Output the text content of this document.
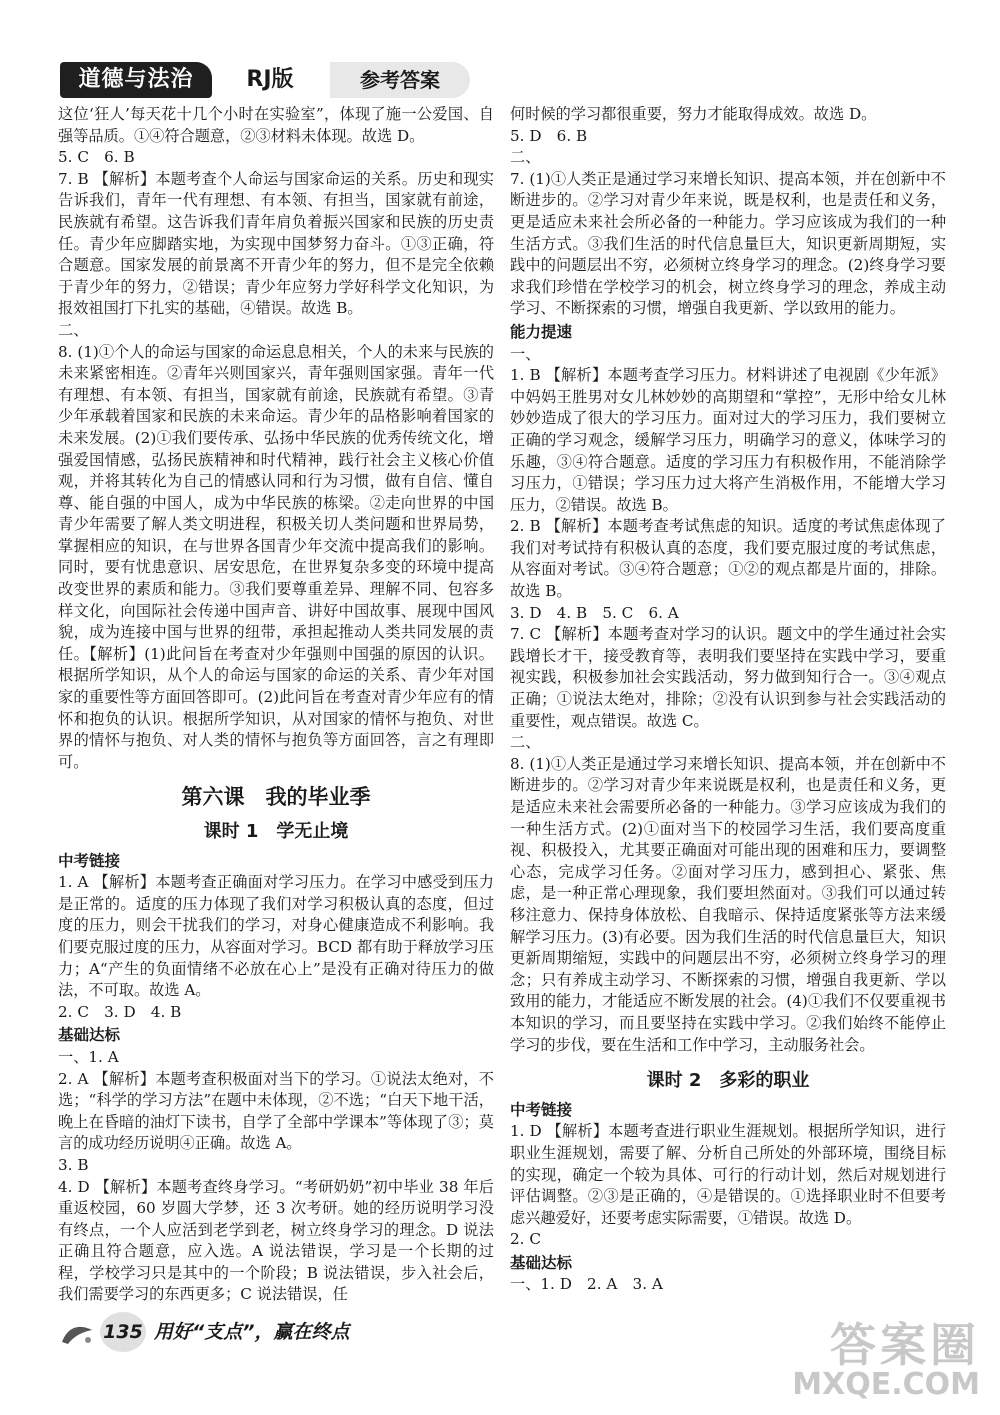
道德与法治	RJ版	参考答案

这位‘狂人’每天花十几个小时在实验室”，体现了施一公爱国、自强等品质。①④符合题意，②③材料未体现。故选 D。

5. C　6. B

7. B 【解析】本题考查个人命运与国家命运的关系。历史和现实告诉我们，青年一代有理想、有本领、有担当，国家就有前途，民族就有希望。这告诉我们青年肩负着振兴国家和民族的历史责任。青少年应脚踏实地，为实现中国梦努力奋斗。①③正确，符合题意。国家发展的前景离不开青少年的努力，但不是完全依赖于青少年的努力，②错误；青少年应努力学好科学文化知识，为报效祖国打下扎实的基础，④错误。故选 B。

二、

8. (1)①个人的命运与国家的命运息息相关，个人的未来与民族的未来紧密相连。②青年兴则国家兴，青年强则国家强。青年一代有理想、有本领、有担当，国家就有前途，民族就有希望。③青少年承载着国家和民族的未来命运。青少年的品格影响着国家的未来发展。(2)①我们要传承、弘扬中华民族的优秀传统文化，增强爱国情感，弘扬民族精神和时代精神，践行社会主义核心价值观，并将其转化为自己的情感认同和行为习惯，做有自信、懂自尊、能自强的中国人，成为中华民族的栋梁。②走向世界的中国青少年需要了解人类文明进程，积极关切人类问题和世界局势，掌握相应的知识，在与世界各国青少年交流中提高我们的影响。同时，要有忧患意识、居安思危，在世界复杂多变的环境中提高改变世界的素质和能力。③我们要尊重差异、理解不同、包容多样文化，向国际社会传递中国声音、讲好中国故事、展现中国风貌，成为连接中国与世界的纽带，承担起推动人类共同发展的责任。【解析】(1)此问旨在考查对少年强则中国强的原因的认识。根据所学知识，从个人的命运与国家的命运的关系、青少年对国家的重要性等方面回答即可。(2)此问旨在考查对青少年应有的情怀和抱负的认识。根据所学知识，从对国家的情怀与抱负、对世界的情怀与抱负、对人类的情怀与抱负等方面回答，言之有理即可。

第六课　我的毕业季
课时 1　学无止境
中考链接

1. A 【解析】本题考查正确面对学习压力。在学习中感受到压力是正常的。适度的压力体现了我们对学习积极认真的态度，但过度的压力，则会干扰我们的学习，对身心健康造成不利影响。我们要克服过度的压力，从容面对学习。BCD 都有助于释放学习压力；A“产生的负面情绪不必放在心上”是没有正确对待压力的做法，不可取。故选 A。

2. C　3. D　4. B

基础达标

一、1. A

2. A 【解析】本题考查积极面对当下的学习。①说法太绝对，不选；“科学的学习方法”在题中未体现，②不选；“白天下地干活，晚上在昏暗的油灯下读书，自学了全部中学课本”等体现了③；莫言的成功经历说明④正确。故选 A。

3. B

4. D 【解析】本题考查终身学习。“考研奶奶”初中毕业 38 年后重返校园，60 岁圆大学梦，还 3 次考研。她的经历说明学习没有终点，一个人应活到老学到老，树立终身学习的理念。D 说法正确且符合题意，应入选。A 说法错误，学习是一个长期的过程，学校学习只是其中的一个阶段；B 说法错误，步入社会后，我们需要学习的东西更多；C 说法错误，任

何时候的学习都很重要，努力才能取得成效。故选 D。

5. D　6. B

二、

7. (1)①人类正是通过学习来增长知识、提高本领，并在创新中不断进步的。②学习对青少年来说，既是权利，也是责任和义务，更是适应未来社会所必备的一种能力。学习应该成为我们的一种生活方式。③我们生活的时代信息量巨大，知识更新周期短，实践中的问题层出不穷，必须树立终身学习的理念。(2)终身学习要求我们珍惜在学校学习的机会，树立终身学习的理念，养成主动学习、不断探索的习惯，增强自我更新、学以致用的能力。

能力提速

一、

1. B 【解析】本题考查学习压力。材料讲述了电视剧《少年派》中妈妈王胜男对女儿林妙妙的高期望和“掌控”，无形中给女儿林妙妙造成了很大的学习压力。面对过大的学习压力，我们要树立正确的学习观念，缓解学习压力，明确学习的意义，体味学习的乐趣，③④符合题意。适度的学习压力有积极作用，不能消除学习压力，①错误；学习压力过大将产生消极作用，不能增大学习压力，②错误。故选 B。

2. B 【解析】本题考查考试焦虑的知识。适度的考试焦虑体现了我们对考试持有积极认真的态度，我们要克服过度的考试焦虑，从容面对考试。③④符合题意；①②的观点都是片面的，排除。故选 B。

3. D　4. B　5. C　6. A

7. C 【解析】本题考查对学习的认识。题文中的学生通过社会实践增长才干，接受教育等，表明我们要坚持在实践中学习，要重视实践，积极参加社会实践活动，努力做到知行合一。③④观点正确；①说法太绝对，排除；②没有认识到参与社会实践活动的重要性，观点错误。故选 C。

二、

8. (1)①人类正是通过学习来增长知识、提高本领，并在创新中不断进步的。②学习对青少年来说既是权利，也是责任和义务，更是适应未来社会需要所必备的一种能力。③学习应该成为我们的一种生活方式。(2)①面对当下的校园学习生活，我们要高度重视、积极投入，尤其要正确面对可能出现的困难和压力，要调整心态，完成学习任务。②面对学习压力，感到担心、紧张、焦虑，是一种正常心理现象，我们要坦然面对。③我们可以通过转移注意力、保持身体放松、自我暗示、保持适度紧张等方法来缓解学习压力。(3)有必要。因为我们生活的时代信息量巨大，知识更新周期缩短，实践中的问题层出不穷，必须树立终身学习的理念；只有养成主动学习、不断探索的习惯，增强自我更新、学以致用的能力，才能适应不断发展的社会。(4)①我们不仅要重视书本知识的学习，而且要坚持在实践中学习。②我们始终不能停止学习的步伐，要在生活和工作中学习，主动服务社会。

课时 2　多彩的职业
中考链接

1. D 【解析】本题考查进行职业生涯规划。根据所学知识，进行职业生涯规划，需要了解、分析自己所处的外部环境，围绕目标的实现，确定一个较为具体、可行的行动计划，然后对规划进行评估调整。②③是正确的，④是错误的。①选择职业时不但要考虑兴趣爱好，还要考虑实际需要，①错误。故选 D。

2. C

基础达标

一、1. D　2. A　3. A

135 用好“支点”，赢在终点	答案圈
MXQE.COM
